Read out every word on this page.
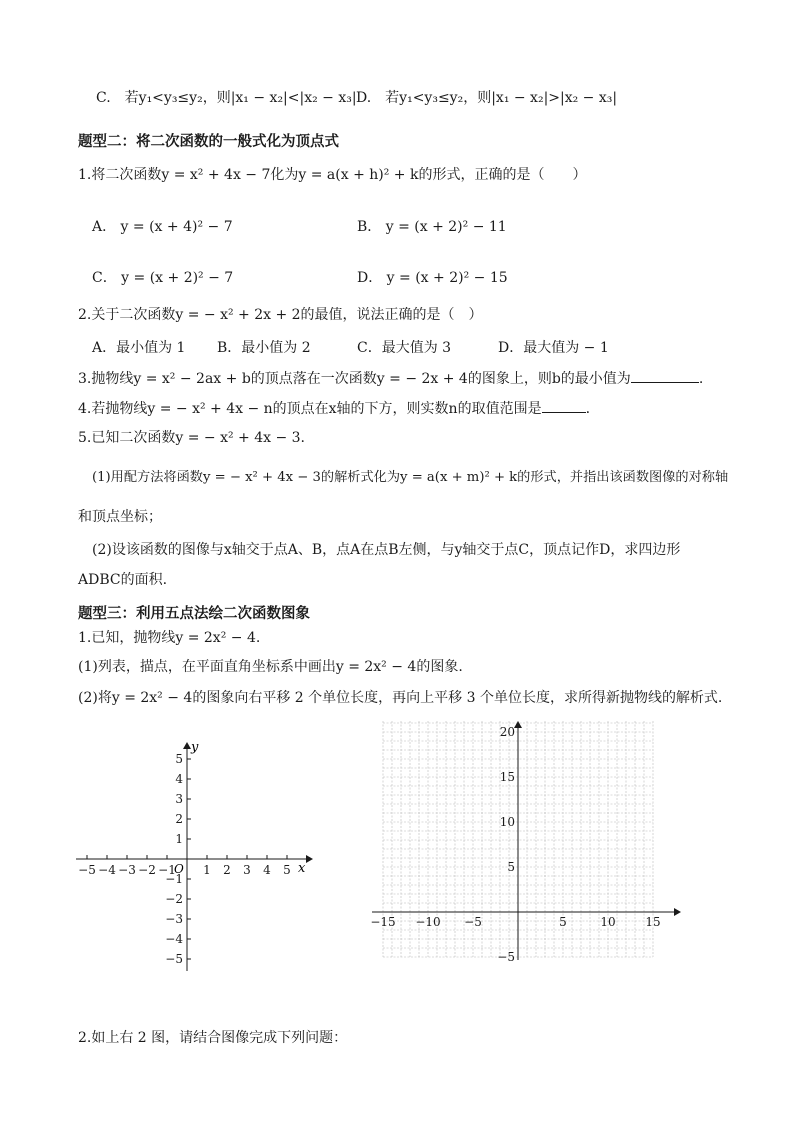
C.　若y₁<y₃≤y₂，则|x₁ − x₂|<|x₂ − x₃| D.　若y₁<y₃≤y₂，则|x₁ − x₂|>|x₂ − x₃|
题型二：将二次函数的一般式化为顶点式
1.将二次函数y = x² + 4x − 7化为y = a(x + h)² + k的形式，正确的是（　　）
A． y = (x + 4)² − 7	B． y = (x + 2)² − 11
C． y = (x + 2)² − 7	D． y = (x + 2)² − 15
2.关于二次函数y = − x² + 2x + 2的最值，说法正确的是（　）
A．最小值为 1 B．最小值为 2	C．最大值为 3	D．最大值为 − 1
3.抛物线y = x² − 2ax + b的顶点落在一次函数y = − 2x + 4的图象上，则b的最小值为	.
4.若抛物线y = − x² + 4x − n的顶点在x轴的下方，则实数n的取值范围是	.
5.已知二次函数y = − x² + 4x − 3.
(1)用配方法将函数y = − x² + 4x − 3的解析式化为y = a(x + m)² + k的形式，并指出该函数图像的对称轴
和顶点坐标；
(2)设该函数的图像与x轴交于点A、B，点A在点B左侧，与y轴交于点C，顶点记作D，求四边形
ADBC的面积.
题型三：利用五点法绘二次函数图象
1.已知，抛物线y = 2x² − 4.
(1)列表，描点，在平面直角坐标系中画出y = 2x² − 4的图象.
(2)将y = 2x² − 4的图象向右平移 2 个单位长度，再向上平移 3 个单位长度，求所得新抛物线的解析式.
−5 −4 −3 −2 −1 1 2 3 4 5
5
4
3
2
1
−1
−2
−3
−4
−5
x
y
O
−15 −10 −5	5	10 15
20
15
10
5
−5
2.如上右 2 图，请结合图像完成下列问题：
